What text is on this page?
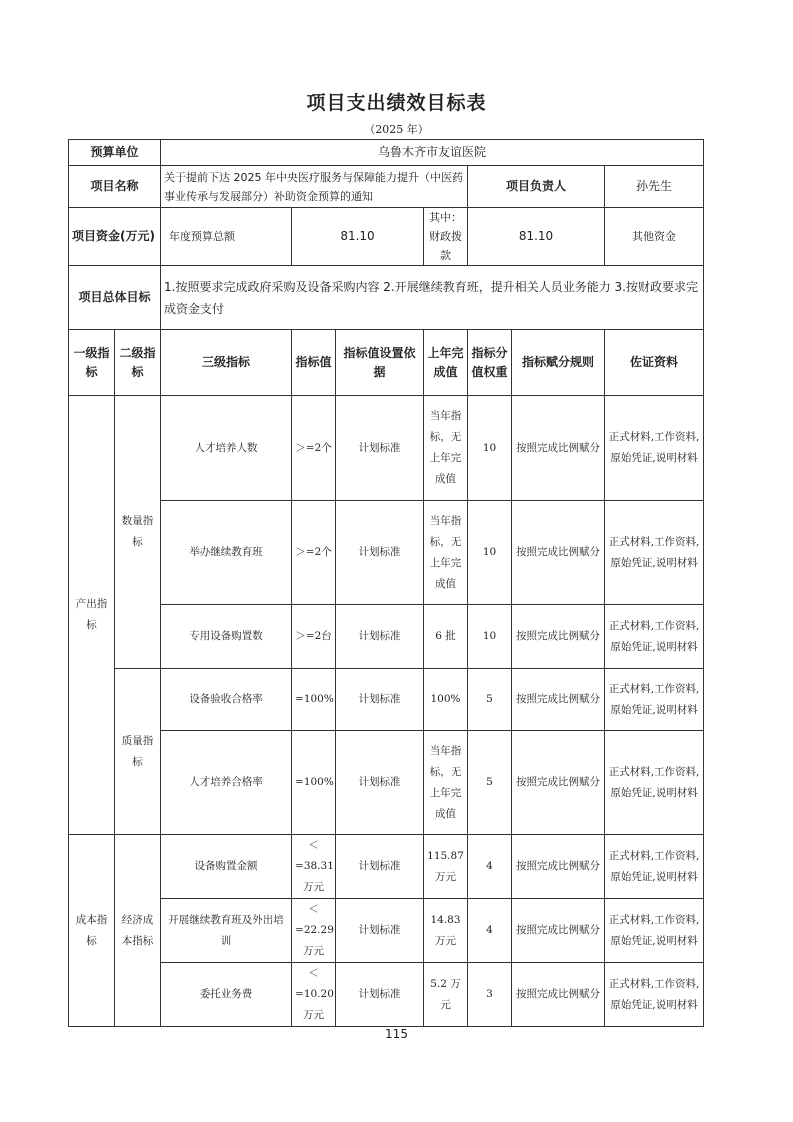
项目支出绩效目标表
（2025 年）
预算单位		乌鲁木齐市友谊医院							
项目名称		关于提前下达 2025 年中央医疗服务与保障能力提升（中医药事业传承与发展部分）补助资金预算的通知				项目负责人		孙先生	
项目资金(万元)		年度预算总额	81.10		其中：财政拨款	81.10		其他资金	
项目总体目标		1.按照要求完成政府采购及设备采购内容 2.开展继续教育班，提升相关人员业务能力 3.按财政要求完成资金支付							
一级指标	二级指标	三级指标	指标值	指标值设置依据	上年完成值	指标分值权重	指标赋分规则	佐证资料	
产出指标	数量指标	人才培养人数	＞=2个	计划标准	当年指标，无上年完成值	10	按照完成比例赋分	正式材料,工作资料,原始凭证,说明材料	
		举办继续教育班	＞=2个	计划标准	当年指标，无上年完成值	10	按照完成比例赋分	正式材料,工作资料,原始凭证,说明材料	
		专用设备购置数	＞=2台	计划标准	6 批	10	按照完成比例赋分	正式材料,工作资料,原始凭证,说明材料	
	质量指标	设备验收合格率	=100%	计划标准	100%	5	按照完成比例赋分	正式材料,工作资料,原始凭证,说明材料	
		人才培养合格率	=100%	计划标准	当年指标，无上年完成值	5	按照完成比例赋分	正式材料,工作资料,原始凭证,说明材料	
成本指标	经济成本指标	设备购置金额	＜=38.31万元	计划标准	115.87万元	4	按照完成比例赋分	正式材料,工作资料,原始凭证,说明材料	
		开展继续教育班及外出培训	＜=22.29万元	计划标准	14.83万元	4	按照完成比例赋分	正式材料,工作资料,原始凭证,说明材料	
		委托业务费	＜=10.20万元	计划标准	5.2 万元	3	按照完成比例赋分	正式材料,工作资料,原始凭证,说明材料	
115
